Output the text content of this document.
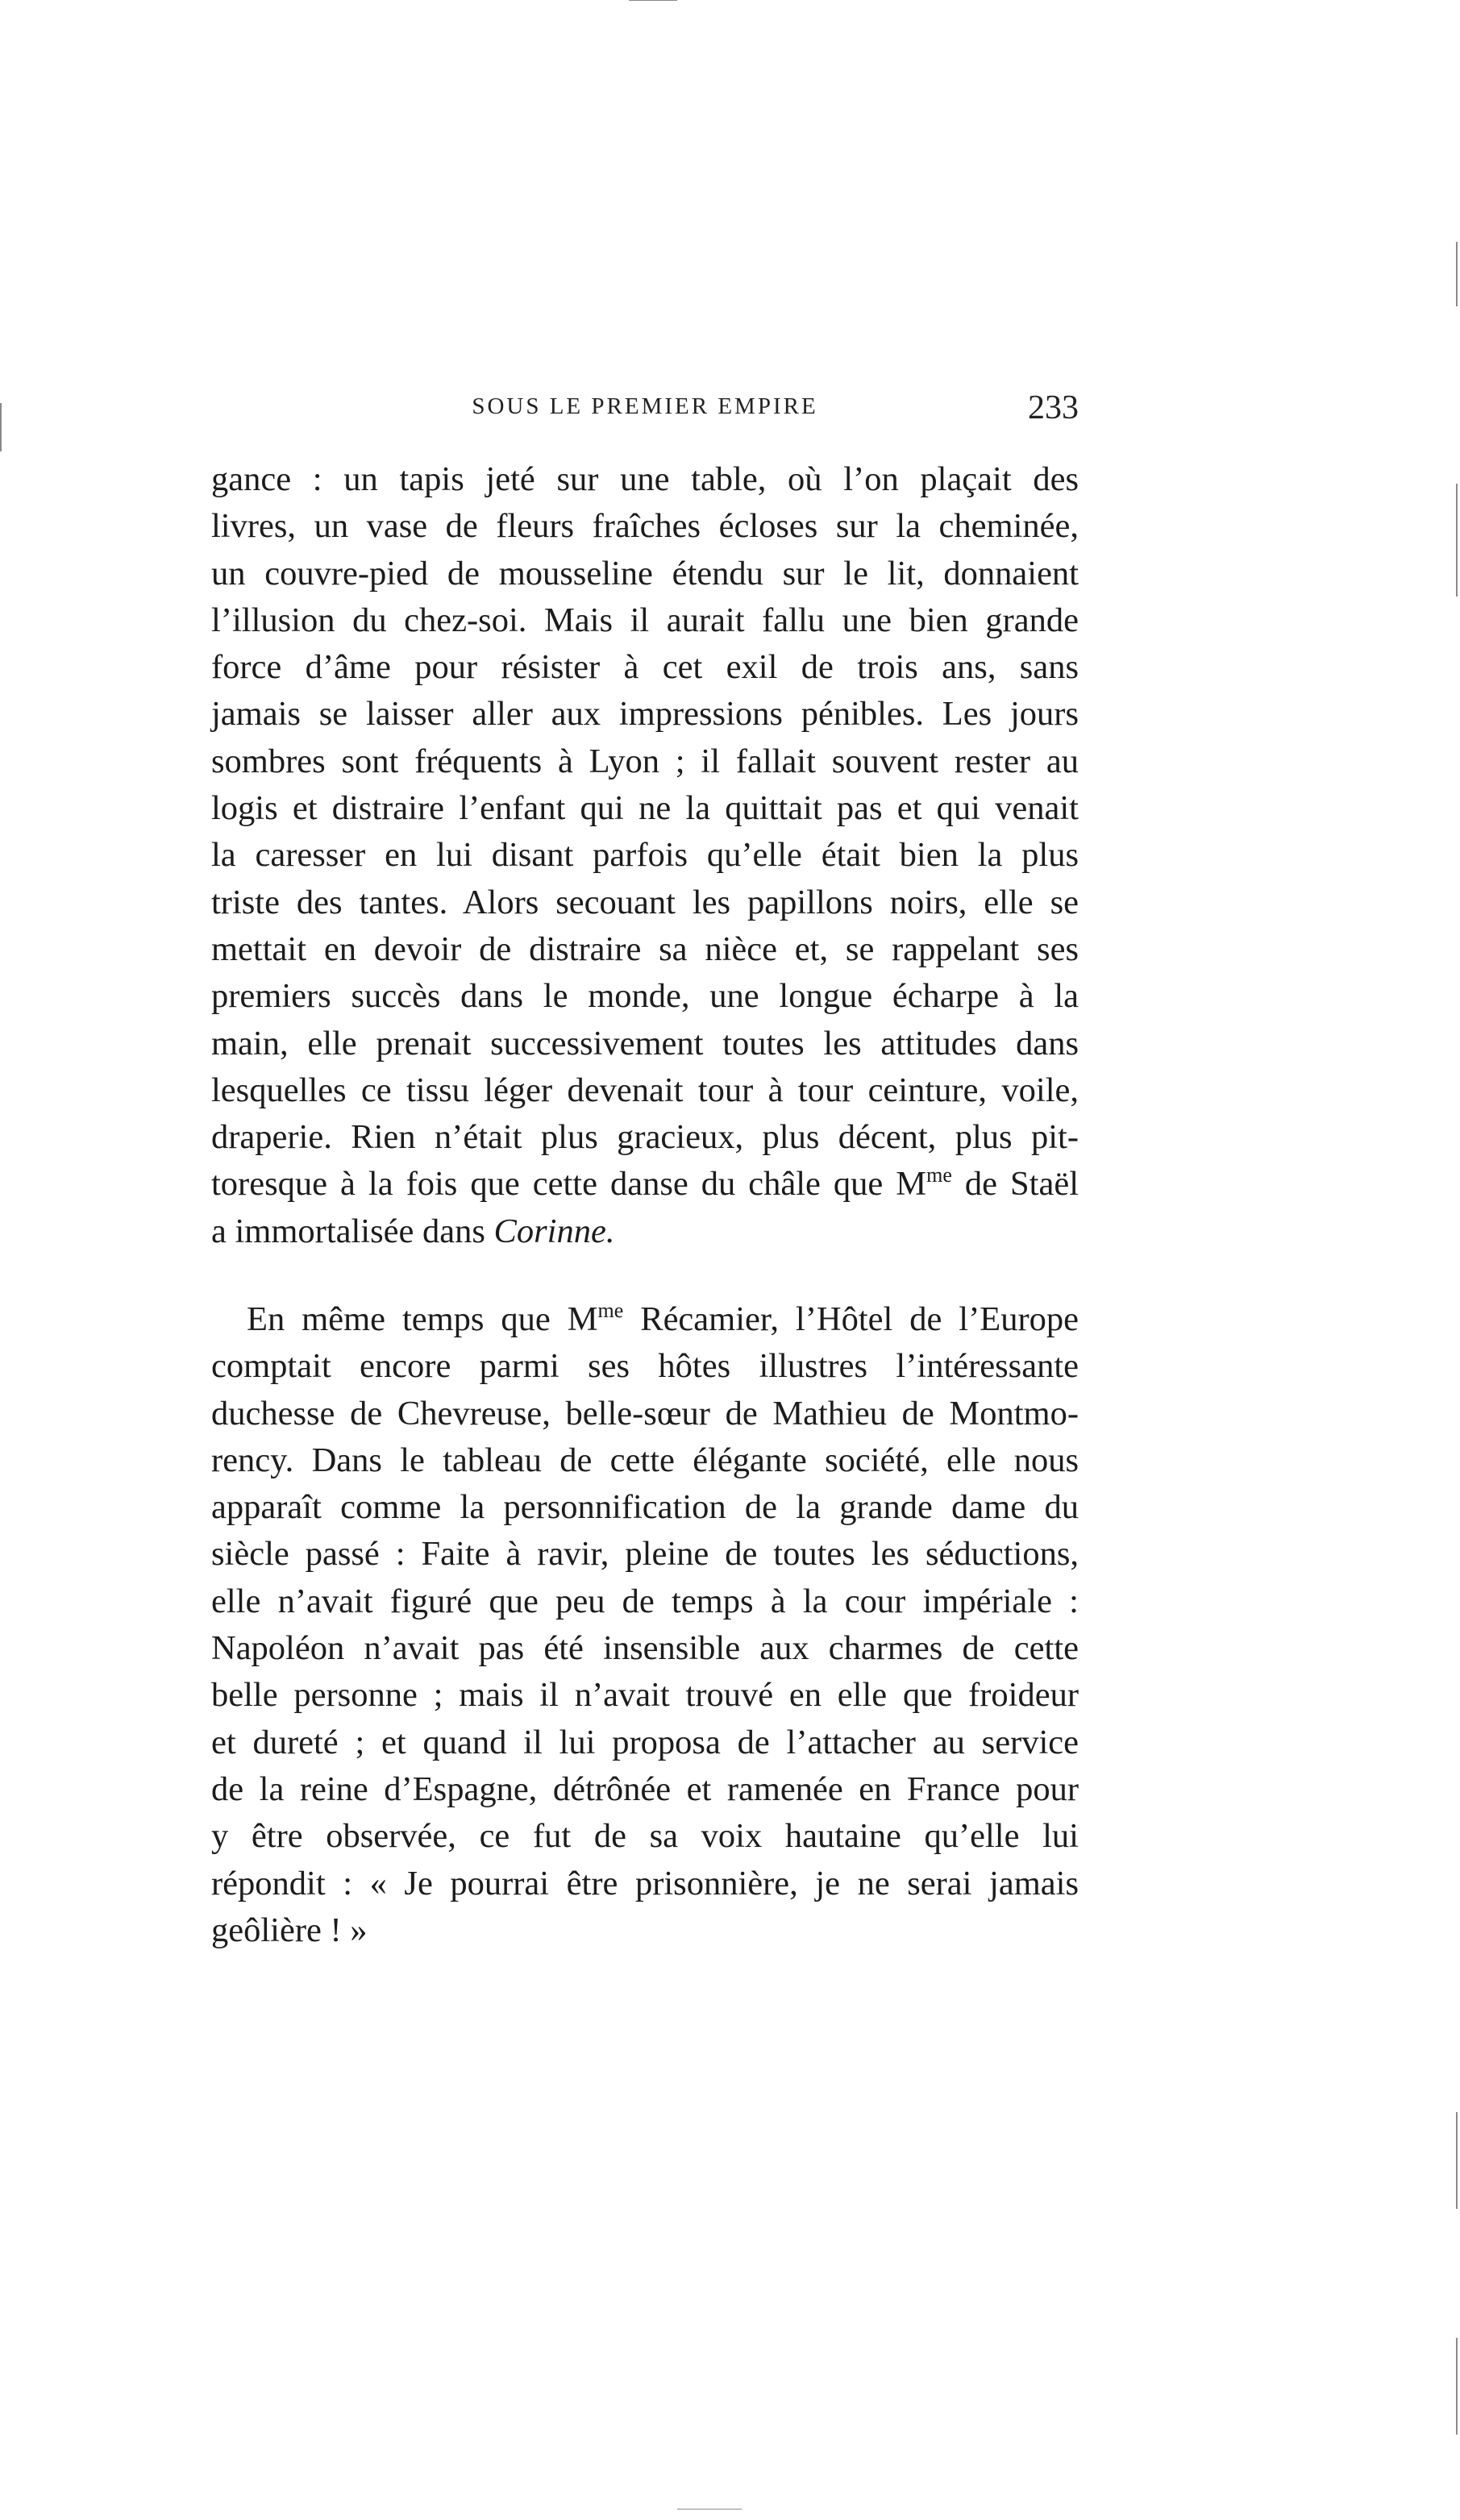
SOUS LE PREMIER EMPIRE	233
gance : un tapis jeté sur une table, où l’on plaçait des
livres, un vase de fleurs fraîches écloses sur la cheminée,
un couvre-pied de mousseline étendu sur le lit, donnaient
l’illusion du chez-soi. Mais il aurait fallu une bien grande
force d’âme pour résister à cet exil de trois ans, sans
jamais se laisser aller aux impressions pénibles. Les jours
sombres sont fréquents à Lyon ; il fallait souvent rester au
logis et distraire l’enfant qui ne la quittait pas et qui venait
la caresser en lui disant parfois qu’elle était bien la plus
triste des tantes. Alors secouant les papillons noirs, elle se
mettait en devoir de distraire sa nièce et, se rappelant ses
premiers succès dans le monde, une longue écharpe à la
main, elle prenait successivement toutes les attitudes dans
lesquelles ce tissu léger devenait tour à tour ceinture, voile,
draperie. Rien n’était plus gracieux, plus décent, plus pit-
toresque à la fois que cette danse du châle que $M^{me}$ de Staël
a immortalisée dans Corinne.
En même temps que $M^{me}$ Récamier, l’Hôtel de l’Europe
comptait encore parmi ses hôtes illustres l’intéressante
duchesse de Chevreuse, belle-sœur de Mathieu de Montmo-
rency. Dans le tableau de cette élégante société, elle nous
apparaît comme la personnification de la grande dame du
siècle passé : Faite à ravir, pleine de toutes les séductions,
elle n’avait figuré que peu de temps à la cour impériale :
Napoléon n’avait pas été insensible aux charmes de cette
belle personne ; mais il n’avait trouvé en elle que froideur
et dureté ; et quand il lui proposa de l’attacher au service
de la reine d’Espagne, détrônée et ramenée en France pour
y être observée, ce fut de sa voix hautaine qu’elle lui
répondit : « Je pourrai être prisonnière, je ne serai jamais
geôlière ! »
